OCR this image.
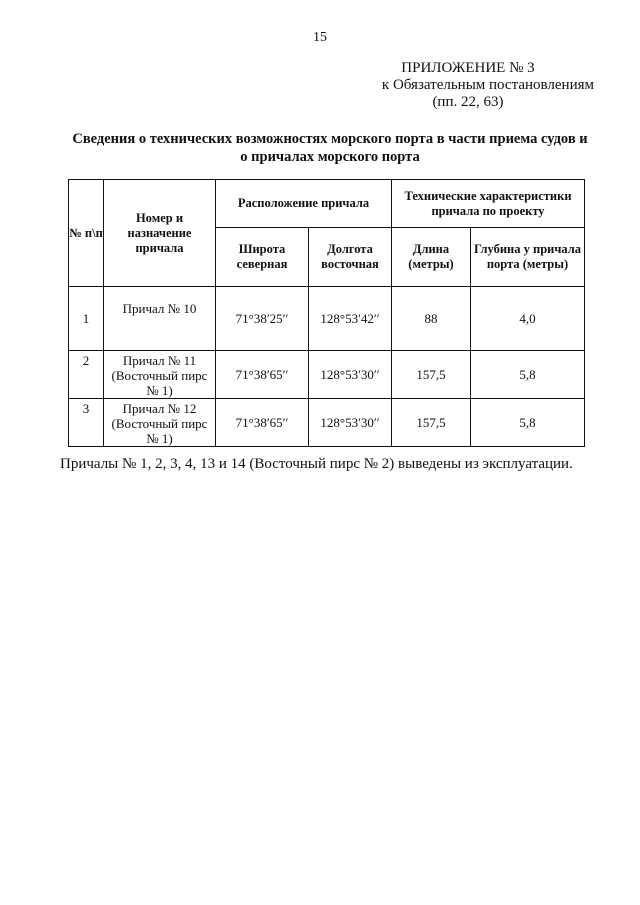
15
ПРИЛОЖЕНИЕ № 3
к Обязательным постановлениям
(пп. 22, 63)
Сведения о технических возможностях морского порта в части приема судов и
о причалах морского порта
№ п\п	Номер и назначение причала	Расположение причала		Технические характеристики причала по проекту	
		Широта северная	Долгота восточная	Длина (метры)	Глубина у причала порта (метры)
1	Причал № 10	71°38′25′′	128°53′42′′	88	4,0
2	Причал № 11 (Восточный пирс № 1)	71°38′65′′	128°53′30′′	157,5	5,8
3	Причал № 12 (Восточный пирс № 1)	71°38′65′′	128°53′30′′	157,5	5,8
Причалы № 1, 2, 3, 4, 13 и 14 (Восточный пирс № 2) выведены из эксплуатации.
